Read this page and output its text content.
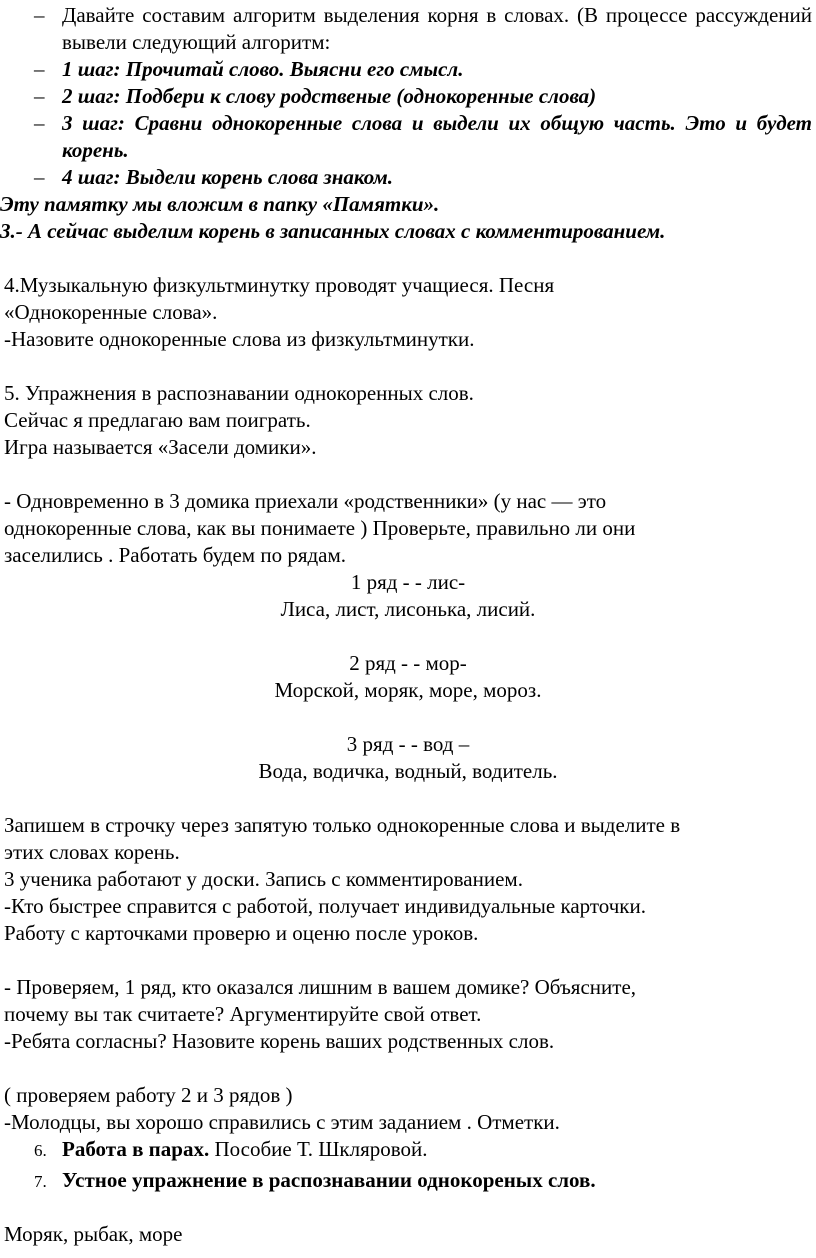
– Давайте составим алгоритм выделения корня в словах. (В процессе рассуждений вывели следующий алгоритм:
– 1 шаг: Прочитай слово. Выясни его смысл.
– 2 шаг: Подбери к слову родственые (однокоренные слова)
– 3 шаг: Сравни однокоренные слова и выдели их общую часть. Это и будет корень.
– 4 шаг: Выдели корень слова знаком.
Эту памятку мы вложим в папку «Памятки».
3.- А сейчас выделим корень в записанных словах с комментированием.
4.Музыкальную физкультминутку проводят учащиеся. Песня
«Однокоренные слова».
-Назовите однокоренные слова из физкультминутки.
5. Упражнения в распознавании однокоренных слов.
Сейчас я предлагаю вам поиграть.
Игра называется «Засели домики».
- Одновременно в 3 домика приехали «родственники» (у нас — это
однокоренные слова, как вы понимаете ) Проверьте, правильно ли они
заселились . Работать будем по рядам.
1 ряд - - лис-
Лиса, лист, лисонька, лисий.
2 ряд - - мор-
Морской, моряк, море, мороз.
3 ряд - - вод –
Вода, водичка, водный, водитель.
Запишем в строчку через запятую только однокоренные слова и выделите в
этих словах корень.
3 ученика работают у доски. Запись с комментированием.
-Кто быстрее справится с работой, получает индивидуальные карточки.
Работу с карточками проверю и оценю после уроков.
- Проверяем, 1 ряд, кто оказался лишним в вашем домике? Объясните,
почему вы так считаете? Аргументируйте свой ответ.
-Ребята согласны? Назовите корень ваших родственных слов.
( проверяем работу 2 и 3 рядов )
-Молодцы, вы хорошо справились с этим заданием . Отметки.
6. Работа в парах. Пособие Т. Шкляровой.
7. Устное упражнение в распознавании однокореных слов.
Моряк, рыбак, море
